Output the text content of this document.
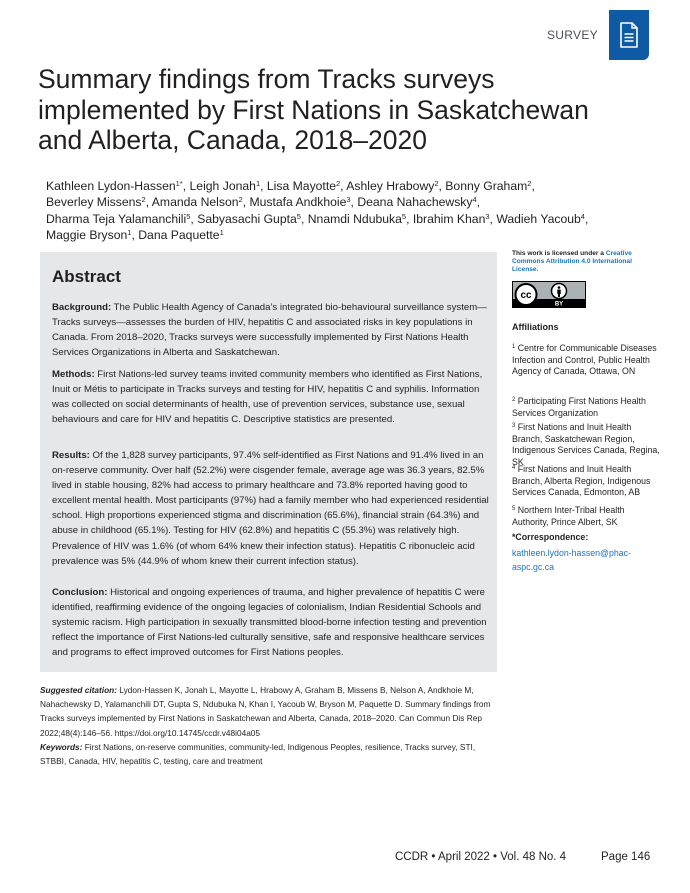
SURVEY
Summary findings from Tracks surveys implemented by First Nations in Saskatchewan and Alberta, Canada, 2018–2020
Kathleen Lydon-Hassen$^{1*}$, Leigh Jonah$^1$, Lisa Mayotte$^2$, Ashley Hrabowy$^2$, Bonny Graham$^2$,
Beverley Missens$^2$, Amanda Nelson$^2$, Mustafa Andkhoie$^3$, Deana Nahachewsky$^4$,
Dharma Teja Yalamanchili$^5$, Sabyasachi Gupta$^5$, Nnamdi Ndubuka$^5$, Ibrahim Khan$^3$, Wadieh Yacoub$^4$,
Maggie Bryson$^1$, Dana Paquette$^1$
Abstract
Background: The Public Health Agency of Canada’s integrated bio-behavioural surveillance system—Tracks surveys—assesses the burden of HIV, hepatitis C and associated risks in key populations in Canada. From 2018–2020, Tracks surveys were successfully implemented by First Nations Health Services Organizations in Alberta and Saskatchewan.
Methods: First Nations-led survey teams invited community members who identified as First Nations, Inuit or Métis to participate in Tracks surveys and testing for HIV, hepatitis C and syphilis. Information was collected on social determinants of health, use of prevention services, substance use, sexual behaviours and care for HIV and hepatitis C. Descriptive statistics are presented.
Results: Of the 1,828 survey participants, 97.4% self-identified as First Nations and 91.4% lived in an on-reserve community. Over half (52.2%) were cisgender female, average age was 36.3 years, 82.5% lived in stable housing, 82% had access to primary healthcare and 73.8% reported having good to excellent mental health. Most participants (97%) had a family member who had experienced residential school. High proportions experienced stigma and discrimination (65.6%), financial strain (64.3%) and abuse in childhood (65.1%). Testing for HIV (62.8%) and hepatitis C (55.3%) was relatively high. Prevalence of HIV was 1.6% (of whom 64% knew their infection status). Hepatitis C ribonucleic acid prevalence was 5% (44.9% of whom knew their current infection status).
Conclusion: Historical and ongoing experiences of trauma, and higher prevalence of hepatitis C were identified, reaffirming evidence of the ongoing legacies of colonialism, Indian Residential Schools and systemic racism. High participation in sexually transmitted blood-borne infection testing and prevention reflect the importance of First Nations-led culturally sensitive, safe and responsive healthcare services and programs to effect improved outcomes for First Nations peoples.
This work is licensed under a Creative Commons Attribution 4.0 International License.
cc
BY
Affiliations
$^1$ Centre for Communicable Diseases Infection and Control, Public Health Agency of Canada, Ottawa, ON
$^2$ Participating First Nations Health Services Organization
$^3$ First Nations and Inuit Health Branch, Saskatchewan Region, Indigenous Services Canada, Regina, SK
$^4$ First Nations and Inuit Health Branch, Alberta Region, Indigenous Services Canada, Edmonton, AB
$^5$ Northern Inter-Tribal Health Authority, Prince Albert, SK
*Correspondence:
kathleen.lydon-hassen@phac-aspc.gc.ca
Suggested citation: Lydon-Hassen K, Jonah L, Mayotte L, Hrabowy A, Graham B, Missens B, Nelson A, Andkhoie M, Nahachewsky D, Yalamanchili DT, Gupta S, Ndubuka N, Khan I, Yacoub W, Bryson M, Paquette D. Summary findings from Tracks surveys implemented by First Nations in Saskatchewan and Alberta, Canada, 2018–2020. Can Commun Dis Rep 2022;48(4):146–56. https://doi.org/10.14745/ccdr.v48i04a05
Keywords: First Nations, on-reserve communities, community-led, Indigenous Peoples, resilience, Tracks survey, STI, STBBI, Canada, HIV, hepatitis C, testing, care and treatment
CCDR • April 2022 • Vol. 48 No. 4	Page 146
